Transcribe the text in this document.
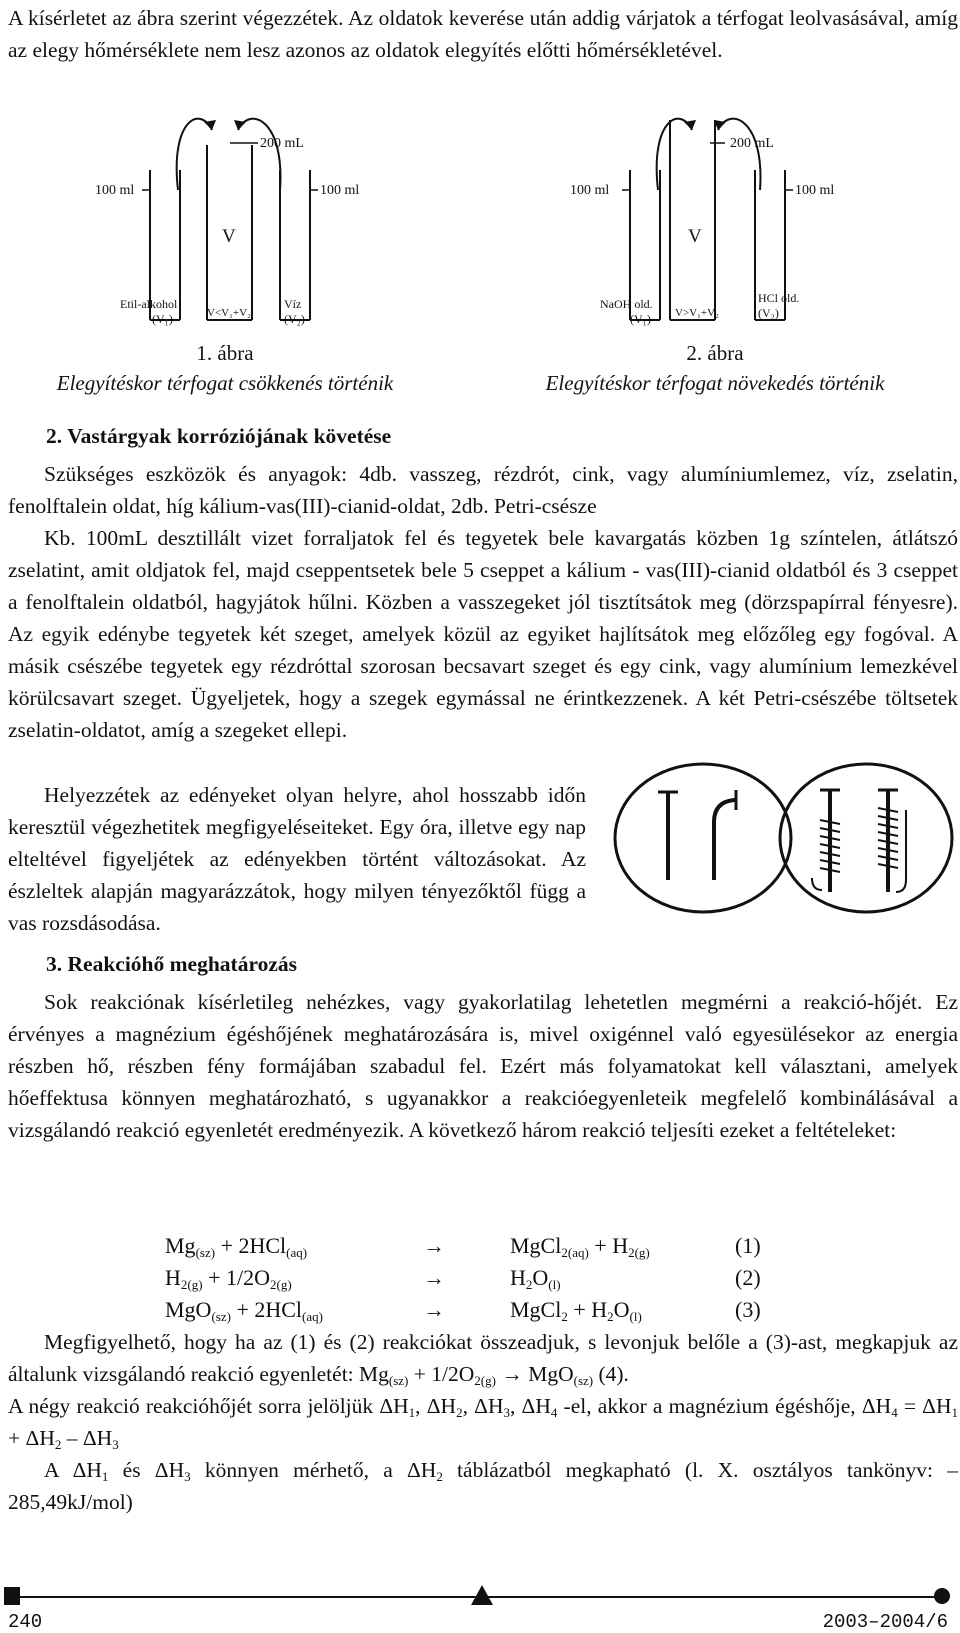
A kísérletet az ábra szerint végezzétek. Az oldatok keverése után addig várjatok a térfogat leolvasásával, amíg az elegy hőmérséklete nem lesz azonos az oldatok elegyítés előtti hőmérsékletével.

200 mL
100 ml	100 ml
V
Etil-alkohol
(V₁)	V<V₁+V₂
Víz
(V₂)
1. ábra
Elegyítéskor térfogat csökkenés történik
200 mL
100 ml	100 ml
V
NaOH old.
(V₁) V>V₁+V₂
HCl old.
(V₂)
2. ábra
Elegyítéskor térfogat növekedés történik
2. Vastárgyak korróziójának követése

Szükséges eszközök és anyagok: 4db. vasszeg, rézdrót, cink, vagy alumíniumlemez, víz, zselatin, fenolftalein oldat, híg kálium-vas(III)-cianid-oldat, 2db. Petri-csésze

Kb. 100mL desztillált vizet forraljatok fel és tegyetek bele kavargatás közben 1g színtelen, átlátszó zselatint, amit oldjatok fel, majd cseppentsetek bele 5 cseppet a kálium - vas(III)-cianid oldatból és 3 cseppet a fenolftalein oldatból, hagyjátok hűlni. Közben a vasszegeket jól tisztítsátok meg (dörzspapírral fényesre). Az egyik edénybe tegyetek két szeget, amelyek közül az egyiket hajlítsátok meg előzőleg egy fogóval. A másik csészébe tegyetek egy rézdróttal szorosan becsavart szeget és egy cink, vagy alumínium lemezkével körülcsavart szeget. Ügyeljetek, hogy a szegek egymással ne érintkezzenek. A két Petri-csészébe töltsetek zselatin-oldatot, amíg a szegeket ellepi.

Helyezzétek az edényeket olyan helyre, ahol hosszabb időn keresztül végezhetitek megfigyeléseiteket. Egy óra, illetve egy nap elteltével figyeljétek az edényekben történt változásokat. Az észleltek alapján magyarázzátok, hogy milyen tényezőktől függ a vas rozsdásodása.

3. Reakcióhő meghatározás

Sok reakciónak kísérletileg nehézkes, vagy gyakorlatilag lehetetlen megmérni a reakció-hőjét. Ez érvényes a magnézium égéshőjének meghatározására is, mivel oxigénnel való egyesülésekor az energia részben hő, részben fény formájában szabadul fel. Ezért más folyamatokat kell választani, amelyek hőeffektusa könnyen meghatározható, s ugyanakkor a reakcióegyenleteik megfelelő kombinálásával a vizsgálandó reakció egyenletét eredményezik. A következő három reakció teljesíti ezeket a feltételeket:

$Mg_{(sz)} + 2HCl_{(aq)}$	→	MgCl$_{2(aq)}$ + $H_{2(g)}$	(1)
$H_{2(g)} + 1/2O_{2(g)}$	→	$H_2O_{(l)}$	(2)
MgO$_{(sz)}$ + 2HCl$_{(aq)}$	→	MgCl$_2$ + $H_2O_{(l)}$	(3)

Megfigyelhető, hogy ha az (1) és (2) reakciókat összeadjuk, s levonjuk belőle a (3)-ast, megkapjuk az általunk vizsgálandó reakció egyenletét: $Mg_{(sz)} + 1/2O_{2(g)} \to MgO_{(sz)}$ (4).

A négy reakció reakcióhőjét sorra jelöljük $\Delta H_1$, $\Delta H_2$, $\Delta H_3$, $\Delta H_4$ -el, akkor a magnézium égéshője, $\Delta H_4 = \Delta H_1 + \Delta H_2 - \Delta H_3$

A $\Delta H_1$ és $\Delta H_3$ könnyen mérhető, a $\Delta H_2$ táblázatból megkapható (l. X. osztályos tankönyv: – 285,49kJ/mol)

240	2003–2004/6
